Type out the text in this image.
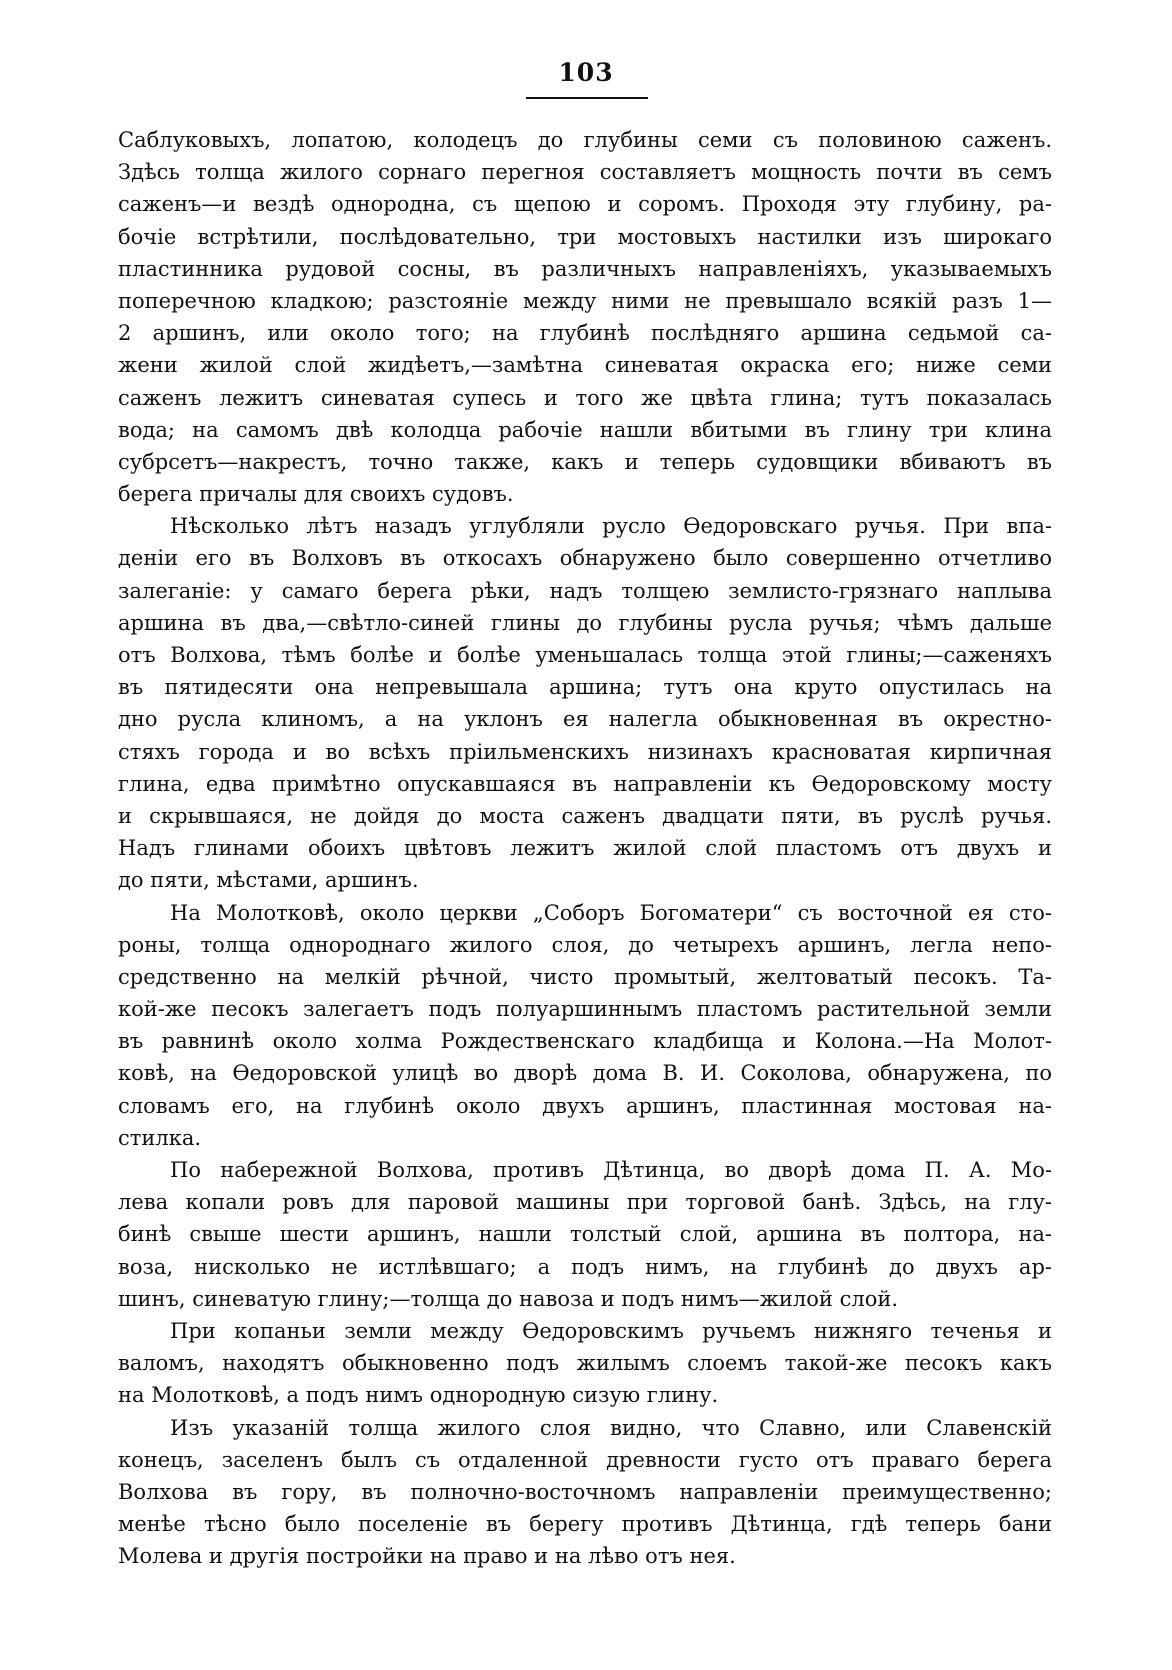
103
Саблуковыхъ, лопатою, колодецъ до глубины семи съ половиною саженъ.
Здѣсь толща жилого сорнаго перегноя составляетъ мощность почти въ семъ
саженъ—и вездѣ однородна, съ щепою и соромъ. Проходя эту глубину, ра-
бочіе встрѣтили, послѣдовательно, три мостовыхъ настилки изъ широкаго
пластинника рудовой сосны, въ различныхъ направленіяхъ, указываемыхъ
поперечною кладкою; разстояніе между ними не превышало всякій разъ 1—
2 аршинъ, или около того; на глубинѣ послѣдняго аршина седьмой са-
жени жилой слой жидѣетъ,—замѣтна синеватая окраска его; ниже семи
саженъ лежитъ синеватая супесь и того же цвѣта глина; тутъ показалась
вода; на самомъ двѣ колодца рабочіе нашли вбитыми въ глину три клина
субрсетъ—накрестъ, точно также, какъ и теперь судовщики вбиваютъ въ
берега причалы для своихъ судовъ.
Нѣсколько лѣтъ назадъ углубляли русло Ѳедоровскаго ручья. При впа-
деніи его въ Волховъ въ откосахъ обнаружено было совершенно отчетливо
залеганіе: у самаго берега рѣки, надъ толщею землисто-грязнаго наплыва
аршина въ два,—свѣтло-синей глины до глубины русла ручья; чѣмъ дальше
отъ Волхова, тѣмъ болѣе и болѣе уменьшалась толща этой глины;—саженяхъ
въ пятидесяти она непревышала аршина; тутъ она круто опустилась на
дно русла клиномъ, а на уклонъ ея налегла обыкновенная въ окрестно-
стяхъ города и во всѣхъ пріильменскихъ низинахъ красноватая кирпичная
глина, едва примѣтно опускавшаяся въ направленіи къ Ѳедоровскому мосту
и скрывшаяся, не дойдя до моста саженъ двадцати пяти, въ руслѣ ручья.
Надъ глинами обоихъ цвѣтовъ лежитъ жилой слой пластомъ отъ двухъ и
до пяти, мѣстами, аршинъ.
На Молотковѣ, около церкви „Соборъ Богоматери“ съ восточной ея сто-
роны, толща однороднаго жилого слоя, до четырехъ аршинъ, легла непо-
средственно на мелкій рѣчной, чисто промытый, желтоватый песокъ. Та-
кой-же песокъ залегаетъ подъ полуаршиннымъ пластомъ растительной земли
въ равнинѣ около холма Рождественскаго кладбища и Колона.—На Молот-
ковѣ, на Ѳедоровской улицѣ во дворѣ дома В. И. Соколова, обнаружена, по
словамъ его, на глубинѣ около двухъ аршинъ, пластинная мостовая на-
стилка.
По набережной Волхова, противъ Дѣтинца, во дворѣ дома П. А. Мо-
лева копали ровъ для паровой машины при торговой банѣ. Здѣсь, на глу-
бинѣ свыше шести аршинъ, нашли толстый слой, аршина въ полтора, на-
воза, нисколько не истлѣвшаго; а подъ нимъ, на глубинѣ до двухъ ар-
шинъ, синеватую глину;—толща до навоза и подъ нимъ—жилой слой.
При копаньи земли между Ѳедоровскимъ ручьемъ нижняго теченья и
валомъ, находятъ обыкновенно подъ жилымъ слоемъ такой-же песокъ какъ
на Молотковѣ, а подъ нимъ однородную сизую глину.
Изъ указаній толща жилого слоя видно, что Славно, или Славенскій
конецъ, заселенъ былъ съ отдаленной древности густо отъ праваго берега
Волхова въ гору, въ полночно-восточномъ направленіи преимущественно;
менѣе тѣсно было поселеніе въ берегу противъ Дѣтинца, гдѣ теперь бани
Молева и другія постройки на право и на лѣво отъ нея.
